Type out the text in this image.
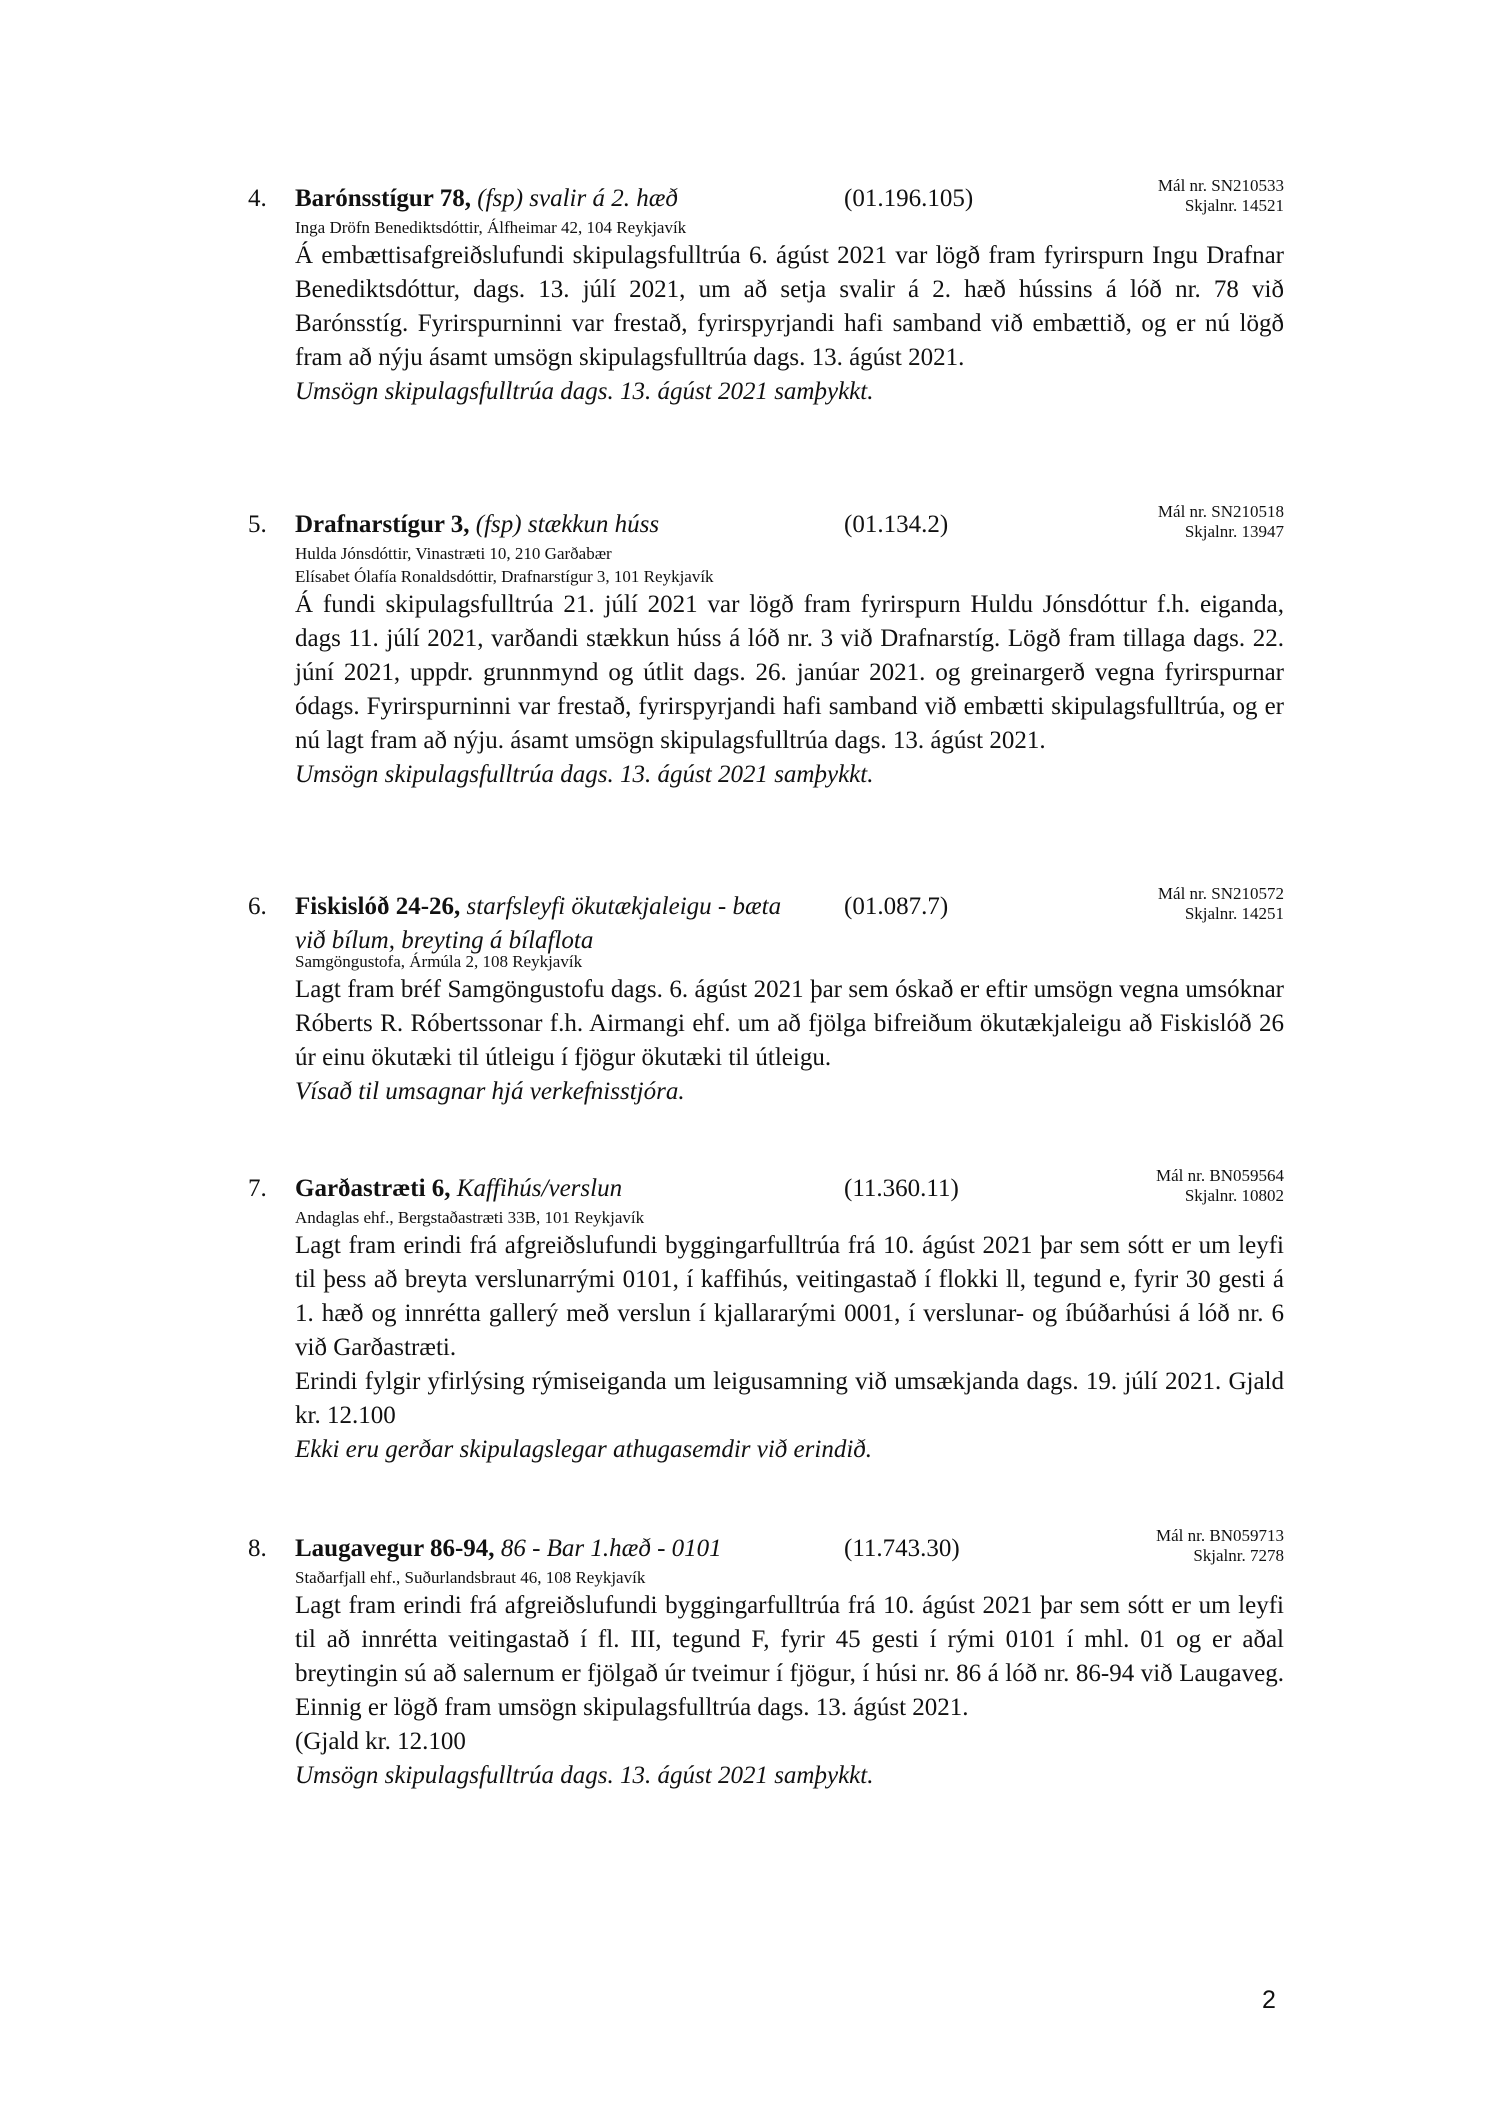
4. Barónsstígur 78, (fsp) svalir á 2. hæð	(01.196.105)	Mál nr. SN210533
Skjalnr. 14521
Inga Dröfn Benediktsdóttir, Álfheimar 42, 104 Reykjavík

Á embættisafgreiðslufundi skipulagsfulltrúa 6. ágúst 2021 var lögð fram fyrirspurn Ingu Drafnar Benediktsdóttur, dags. 13. júlí 2021, um að setja svalir á 2. hæð hússins á lóð nr. 78 við Barónsstíg. Fyrirspurninni var frestað, fyrirspyrjandi hafi samband við embættið, og er nú lögð fram að nýju ásamt umsögn skipulagsfulltrúa dags. 13. ágúst 2021.

Umsögn skipulagsfulltrúa dags. 13. ágúst 2021 samþykkt.
5. Drafnarstígur 3, (fsp) stækkun húss	(01.134.2)	Mál nr. SN210518
Skjalnr. 13947
Hulda Jónsdóttir, Vinastræti 10, 210 Garðabær
Elísabet Ólafía Ronaldsdóttir, Drafnarstígur 3, 101 Reykjavík

Á fundi skipulagsfulltrúa 21. júlí 2021 var lögð fram fyrirspurn Huldu Jónsdóttur f.h. eiganda, dags 11. júlí 2021, varðandi stækkun húss á lóð nr. 3 við Drafnarstíg. Lögð fram tillaga dags. 22. júní 2021, uppdr. grunnmynd og útlit dags. 26. janúar 2021. og greinargerð vegna fyrirspurnar ódags. Fyrirspurninni var frestað, fyrirspyrjandi hafi samband við embætti skipulagsfulltrúa, og er nú lagt fram að nýju. ásamt umsögn skipulagsfulltrúa dags. 13. ágúst 2021.

Umsögn skipulagsfulltrúa dags. 13. ágúst 2021 samþykkt.
6. Fiskislóð 24-26, starfsleyfi ökutækjaleigu - bæta við bílum, breyting á bílaflota
(01.087.7)	Mál nr. SN210572
Skjalnr. 14251
Samgöngustofa, Ármúla 2, 108 Reykjavík

Lagt fram bréf Samgöngustofu dags. 6. ágúst 2021 þar sem óskað er eftir umsögn vegna umsóknar Róberts R. Róbertssonar f.h. Airmangi ehf. um að fjölga bifreiðum ökutækjaleigu að Fiskislóð 26 úr einu ökutæki til útleigu í fjögur ökutæki til útleigu.

Vísað til umsagnar hjá verkefnisstjóra.
7. Garðastræti 6, Kaffihús/verslun	(11.360.11)	Mál nr. BN059564
Skjalnr. 10802
Andaglas ehf., Bergstaðastræti 33B, 101 Reykjavík

Lagt fram erindi frá afgreiðslufundi byggingarfulltrúa frá 10. ágúst 2021 þar sem sótt er um leyfi til þess að breyta verslunarrými 0101, í kaffihús, veitingastað í flokki ll, tegund e, fyrir 30 gesti á 1. hæð og innrétta gallerý með verslun í kjallararými 0001, í verslunar- og íbúðarhúsi á lóð nr. 6 við Garðastræti.

Erindi fylgir yfirlýsing rýmiseiganda um leigusamning við umsækjanda dags. 19. júlí 2021. Gjald kr. 12.100

Ekki eru gerðar skipulagslegar athugasemdir við erindið.
8. Laugavegur 86-94, 86 - Bar 1.hæð - 0101	(11.743.30)	Mál nr. BN059713
Skjalnr. 7278
Staðarfjall ehf., Suðurlandsbraut 46, 108 Reykjavík

Lagt fram erindi frá afgreiðslufundi byggingarfulltrúa frá 10. ágúst 2021 þar sem sótt er um leyfi til að innrétta veitingastað í fl. III, tegund F, fyrir 45 gesti í rými 0101 í mhl. 01 og er aðal breytingin sú að salernum er fjölgað úr tveimur í fjögur, í húsi nr. 86 á lóð nr. 86-94 við Laugaveg. Einnig er lögð fram umsögn skipulagsfulltrúa dags. 13. ágúst 2021.

(Gjald kr. 12.100

Umsögn skipulagsfulltrúa dags. 13. ágúst 2021 samþykkt.
2
